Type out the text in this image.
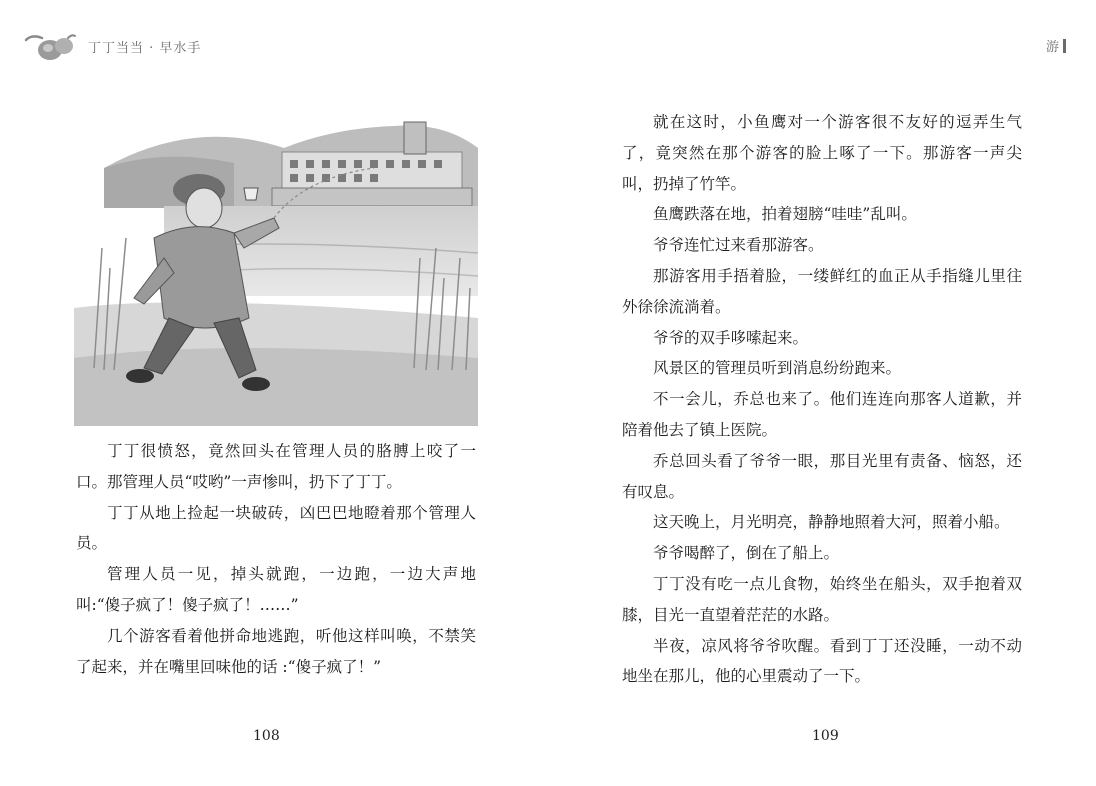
丁丁当当 · 早水手

丁丁很愤怒，竟然回头在管理人员的胳膊上咬了一口。那管理人员“哎哟”一声惨叫，扔下了丁丁。

丁丁从地上捡起一块破砖，凶巴巴地瞪着那个管理人员。

管理人员一见，掉头就跑，一边跑，一边大声地叫:“傻子疯了！傻子疯了！……”

几个游客看着他拼命地逃跑，听他这样叫唤，不禁笑了起来，并在嘴里回味他的话 :“傻子疯了！”

108
游

就在这时，小鱼鹰对一个游客很不友好的逗弄生气了，竟突然在那个游客的脸上啄了一下。那游客一声尖叫，扔掉了竹竿。

鱼鹰跌落在地，拍着翅膀“哇哇”乱叫。

爷爷连忙过来看那游客。

那游客用手捂着脸，一缕鲜红的血正从手指缝儿里往外徐徐流淌着。

爷爷的双手哆嗦起来。

风景区的管理员听到消息纷纷跑来。

不一会儿，乔总也来了。他们连连向那客人道歉，并陪着他去了镇上医院。

乔总回头看了爷爷一眼，那目光里有责备、恼怒，还有叹息。

这天晚上，月光明亮，静静地照着大河，照着小船。

爷爷喝醉了，倒在了船上。

丁丁没有吃一点儿食物，始终坐在船头，双手抱着双膝，目光一直望着茫茫的水路。

半夜，凉风将爷爷吹醒。看到丁丁还没睡，一动不动地坐在那儿，他的心里震动了一下。

109
